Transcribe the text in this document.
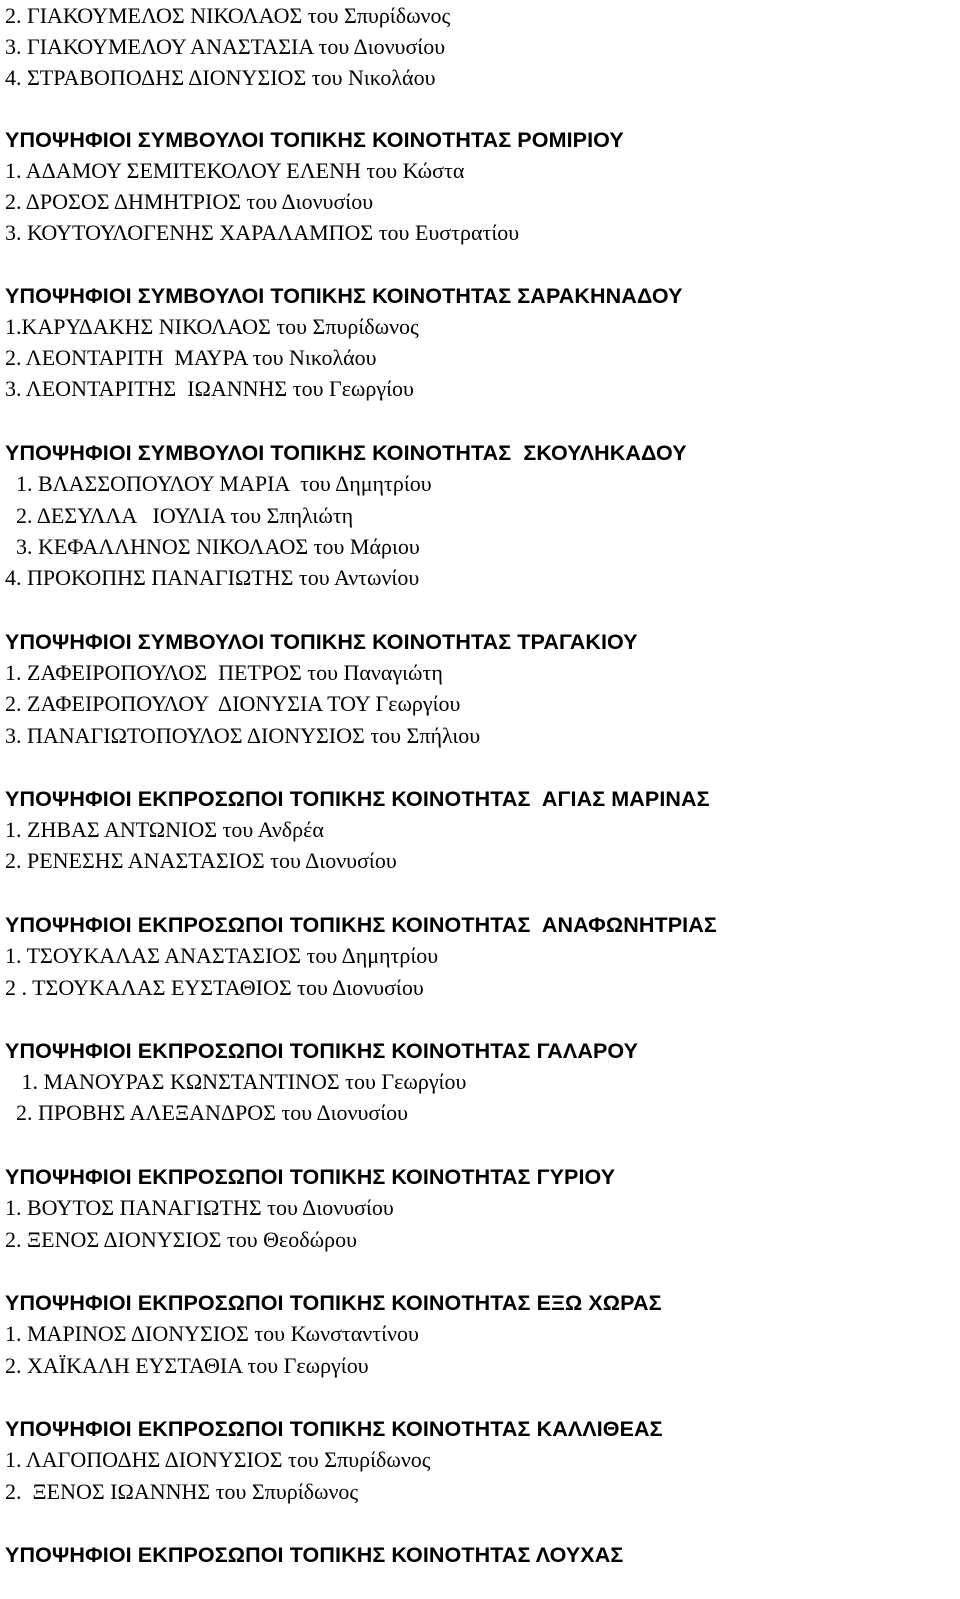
2. ΓΙΑΚΟΥΜΕΛΟΣ ΝΙΚΟΛΑΟΣ του Σπυρίδωνος
3. ΓΙΑΚΟΥΜΕΛΟΥ ΑΝΑΣΤΑΣΙΑ του Διονυσίου
4. ΣΤΡΑΒΟΠΟΔΗΣ ΔΙΟΝΥΣΙΟΣ του Νικολάου
ΥΠΟΨΗΦΙΟΙ ΣΥΜΒΟΥΛΟΙ ΤΟΠΙΚΗΣ ΚΟΙΝΟΤΗΤΑΣ ΡΟΜΙΡΙΟΥ
1. ΑΔΑΜΟΥ ΣΕΜΙΤΕΚΟΛΟΥ ΕΛΕΝΗ του Κώστα
2. ΔΡΟΣΟΣ ΔΗΜΗΤΡΙΟΣ του Διονυσίου
3. ΚΟΥΤΟΥΛΟΓΕΝΗΣ ΧΑΡΑΛΑΜΠΟΣ του Ευστρατίου
ΥΠΟΨΗΦΙΟΙ ΣΥΜΒΟΥΛΟΙ ΤΟΠΙΚΗΣ ΚΟΙΝΟΤΗΤΑΣ ΣΑΡΑΚΗΝΑΔΟΥ
1.ΚΑΡΥΔΑΚΗΣ ΝΙΚΟΛΑΟΣ του Σπυρίδωνος
2. ΛΕΟΝΤΑΡΙΤΗ  ΜΑΥΡΑ του Νικολάου
3. ΛΕΟΝΤΑΡΙΤΗΣ  ΙΩΑΝΝΗΣ του Γεωργίου
ΥΠΟΨΗΦΙΟΙ ΣΥΜΒΟΥΛΟΙ ΤΟΠΙΚΗΣ ΚΟΙΝΟΤΗΤΑΣ  ΣΚΟΥΛΗΚΑΔΟΥ
1. ΒΛΑΣΣΟΠΟΥΛΟΥ ΜΑΡΙΑ  του Δημητρίου
2. ΔΕΣΥΛΛΑ   ΙΟΥΛΙΑ του Σπηλιώτη
3. ΚΕΦΑΛΛΗΝΟΣ ΝΙΚΟΛΑΟΣ του Μάριου
4. ΠΡΟΚΟΠΗΣ ΠΑΝΑΓΙΩΤΗΣ του Αντωνίου
ΥΠΟΨΗΦΙΟΙ ΣΥΜΒΟΥΛΟΙ ΤΟΠΙΚΗΣ ΚΟΙΝΟΤΗΤΑΣ ΤΡΑΓΑΚΙΟΥ
1. ΖΑΦΕΙΡΟΠΟΥΛΟΣ  ΠΕΤΡΟΣ του Παναγιώτη
2. ΖΑΦΕΙΡΟΠΟΥΛΟΥ  ΔΙΟΝΥΣΙΑ ΤΟΥ Γεωργίου
3. ΠΑΝΑΓΙΩΤΟΠΟΥΛΟΣ ΔΙΟΝΥΣΙΟΣ του Σπήλιου
ΥΠΟΨΗΦΙΟΙ ΕΚΠΡΟΣΩΠΟΙ ΤΟΠΙΚΗΣ ΚΟΙΝΟΤΗΤΑΣ  ΑΓΙΑΣ ΜΑΡΙΝΑΣ
1. ΖΗΒΑΣ ΑΝΤΩΝΙΟΣ του Ανδρέα
2. ΡΕΝΕΣΗΣ ΑΝΑΣΤΑΣΙΟΣ του Διονυσίου
ΥΠΟΨΗΦΙΟΙ ΕΚΠΡΟΣΩΠΟΙ ΤΟΠΙΚΗΣ ΚΟΙΝΟΤΗΤΑΣ  ΑΝΑΦΩΝΗΤΡΙΑΣ
1. ΤΣΟΥΚΑΛΑΣ ΑΝΑΣΤΑΣΙΟΣ του Δημητρίου
2 . ΤΣΟΥΚΑΛΑΣ ΕΥΣΤΑΘΙΟΣ του Διονυσίου
ΥΠΟΨΗΦΙΟΙ ΕΚΠΡΟΣΩΠΟΙ ΤΟΠΙΚΗΣ ΚΟΙΝΟΤΗΤΑΣ ΓΑΛΑΡΟΥ
1. ΜΑΝΟΥΡΑΣ ΚΩΝΣΤΑΝΤΙΝΟΣ του Γεωργίου
2. ΠΡΟΒΗΣ ΑΛΕΞΑΝΔΡΟΣ του Διονυσίου
ΥΠΟΨΗΦΙΟΙ ΕΚΠΡΟΣΩΠΟΙ ΤΟΠΙΚΗΣ ΚΟΙΝΟΤΗΤΑΣ ΓΥΡΙΟΥ
1. ΒΟΥΤΟΣ ΠΑΝΑΓΙΩΤΗΣ του Διονυσίου
2. ΞΕΝΟΣ ΔΙΟΝΥΣΙΟΣ του Θεοδώρου
ΥΠΟΨΗΦΙΟΙ ΕΚΠΡΟΣΩΠΟΙ ΤΟΠΙΚΗΣ ΚΟΙΝΟΤΗΤΑΣ ΕΞΩ ΧΩΡΑΣ
1. ΜΑΡΙΝΟΣ ΔΙΟΝΥΣΙΟΣ του Κωνσταντίνου
2. ΧΑΪΚΑΛΗ ΕΥΣΤΑΘΙΑ του Γεωργίου
ΥΠΟΨΗΦΙΟΙ ΕΚΠΡΟΣΩΠΟΙ ΤΟΠΙΚΗΣ ΚΟΙΝΟΤΗΤΑΣ ΚΑΛΛΙΘΕΑΣ
1. ΛΑΓΟΠΟΔΗΣ ΔΙΟΝΥΣΙΟΣ του Σπυρίδωνος
2.  ΞΕΝΟΣ ΙΩΑΝΝΗΣ του Σπυρίδωνος
ΥΠΟΨΗΦΙΟΙ ΕΚΠΡΟΣΩΠΟΙ ΤΟΠΙΚΗΣ ΚΟΙΝΟΤΗΤΑΣ ΛΟΥΧΑΣ
